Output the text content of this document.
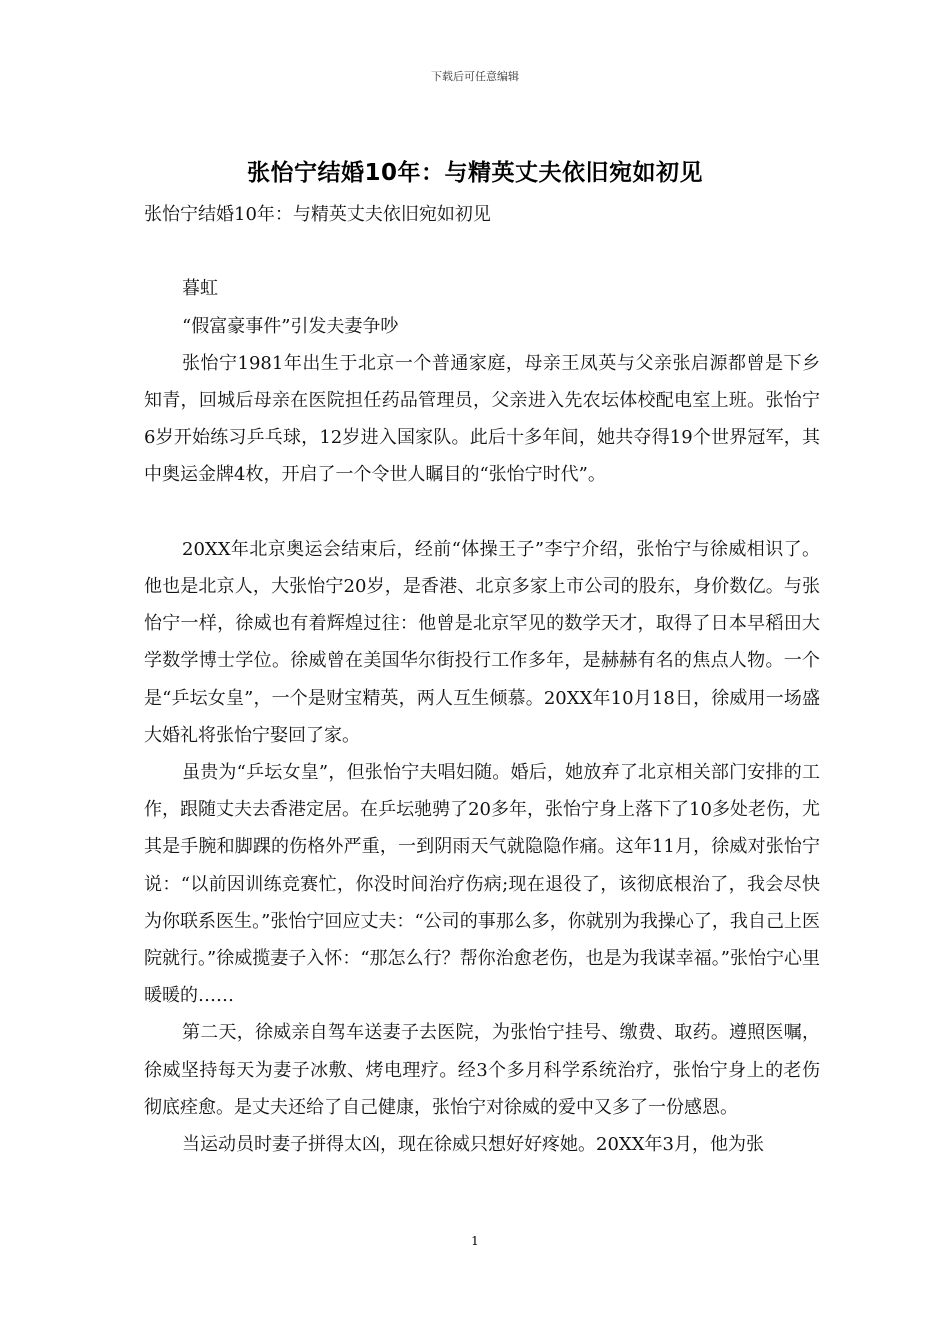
下载后可任意编辑
张怡宁结婚10年：与精英丈夫依旧宛如初见

张怡宁结婚10年：与精英丈夫依旧宛如初见

暮虹

“假富豪事件”引发夫妻争吵

张怡宁1981年出生于北京一个普通家庭，母亲王凤英与父亲张启源都曾是下乡知青，回城后母亲在医院担任药品管理员，父亲进入先农坛体校配电室上班。张怡宁6岁开始练习乒乓球，12岁进入国家队。此后十多年间，她共夺得19个世界冠军，其中奥运金牌4枚，开启了一个令世人瞩目的“张怡宁时代”。

20XX年北京奥运会结束后，经前“体操王子”李宁介绍，张怡宁与徐威相识了。他也是北京人，大张怡宁20岁，是香港、北京多家上市公司的股东，身价数亿。与张怡宁一样，徐威也有着辉煌过往：他曾是北京罕见的数学天才，取得了日本早稻田大学数学博士学位。徐威曾在美国华尔街投行工作多年，是赫赫有名的焦点人物。一个是“乒坛女皇”，一个是财宝精英，两人互生倾慕。20XX年10月18日，徐威用一场盛大婚礼将张怡宁娶回了家。

虽贵为“乒坛女皇”，但张怡宁夫唱妇随。婚后，她放弃了北京相关部门安排的工作，跟随丈夫去香港定居。在乒坛驰骋了20多年，张怡宁身上落下了10多处老伤，尤其是手腕和脚踝的伤格外严重，一到阴雨天气就隐隐作痛。这年11月，徐威对张怡宁说：“以前因训练竞赛忙，你没时间治疗伤病;现在退役了，该彻底根治了，我会尽快为你联系医生。”张怡宁回应丈夫：“公司的事那么多，你就别为我操心了，我自己上医院就行。”徐威揽妻子入怀：“那怎么行？帮你治愈老伤，也是为我谋幸福。”张怡宁心里暖暖的……

第二天，徐威亲自驾车送妻子去医院，为张怡宁挂号、缴费、取药。遵照医嘱，徐威坚持每天为妻子冰敷、烤电理疗。经3个多月科学系统治疗，张怡宁身上的老伤彻底痊愈。是丈夫还给了自己健康，张怡宁对徐威的爱中又多了一份感恩。

当运动员时妻子拼得太凶，现在徐威只想好好疼她。20XX年3月，他为张

1
